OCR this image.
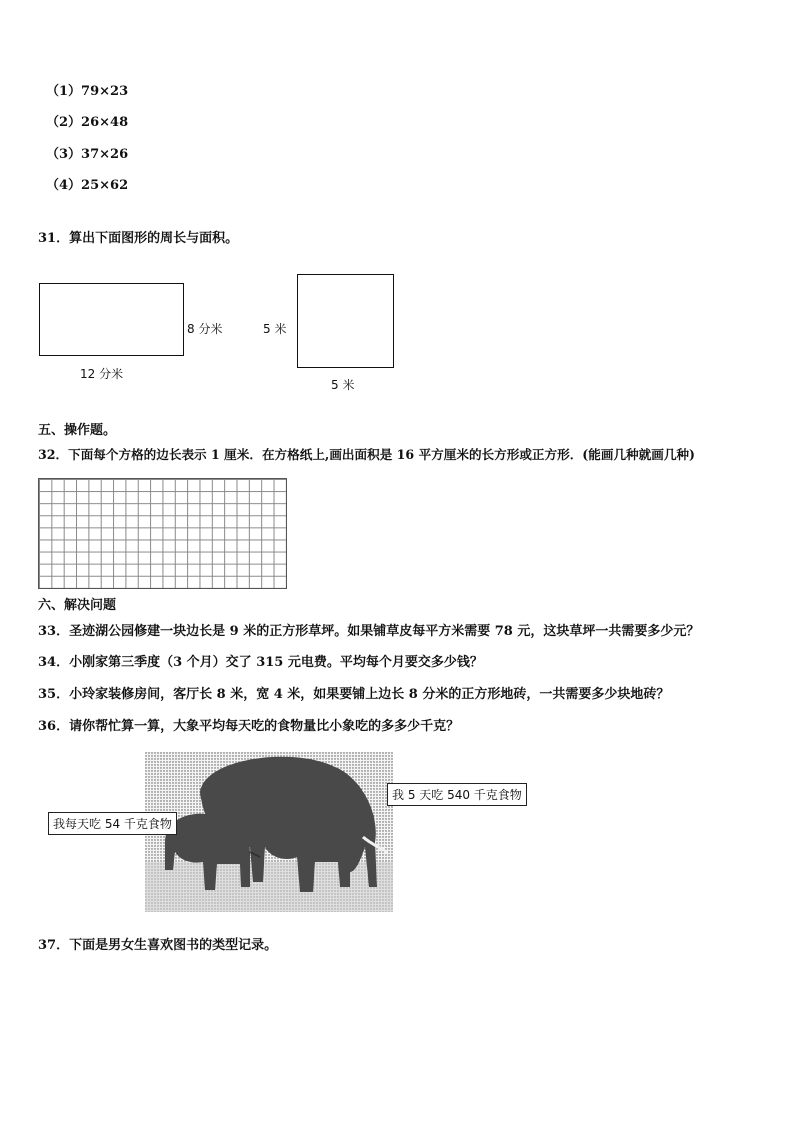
（1）79×23
（2）26×48
（3）37×26
（4）25×62
31．算出下面图形的周长与面积。
8 分米
12 分米
5 米
5 米
五、操作题。
32．下面每个方格的边长表示 1 厘米．在方格纸上,画出面积是 16 平方厘米的长方形或正方形．(能画几种就画几种)
六、解决问题
33．圣迹湖公园修建一块边长是 9 米的正方形草坪。如果铺草皮每平方米需要 78 元，这块草坪一共需要多少元？
34．小刚家第三季度（3 个月）交了 315 元电费。平均每个月要交多少钱？
35．小玲家装修房间，客厅长 8 米，宽 4 米，如果要铺上边长 8 分米的正方形地砖，一共需要多少块地砖？
36．请你帮忙算一算，大象平均每天吃的食物量比小象吃的多多少千克？
我每天吃 54 千克食物
我 5 天吃 540 千克食物
37．下面是男女生喜欢图书的类型记录。
